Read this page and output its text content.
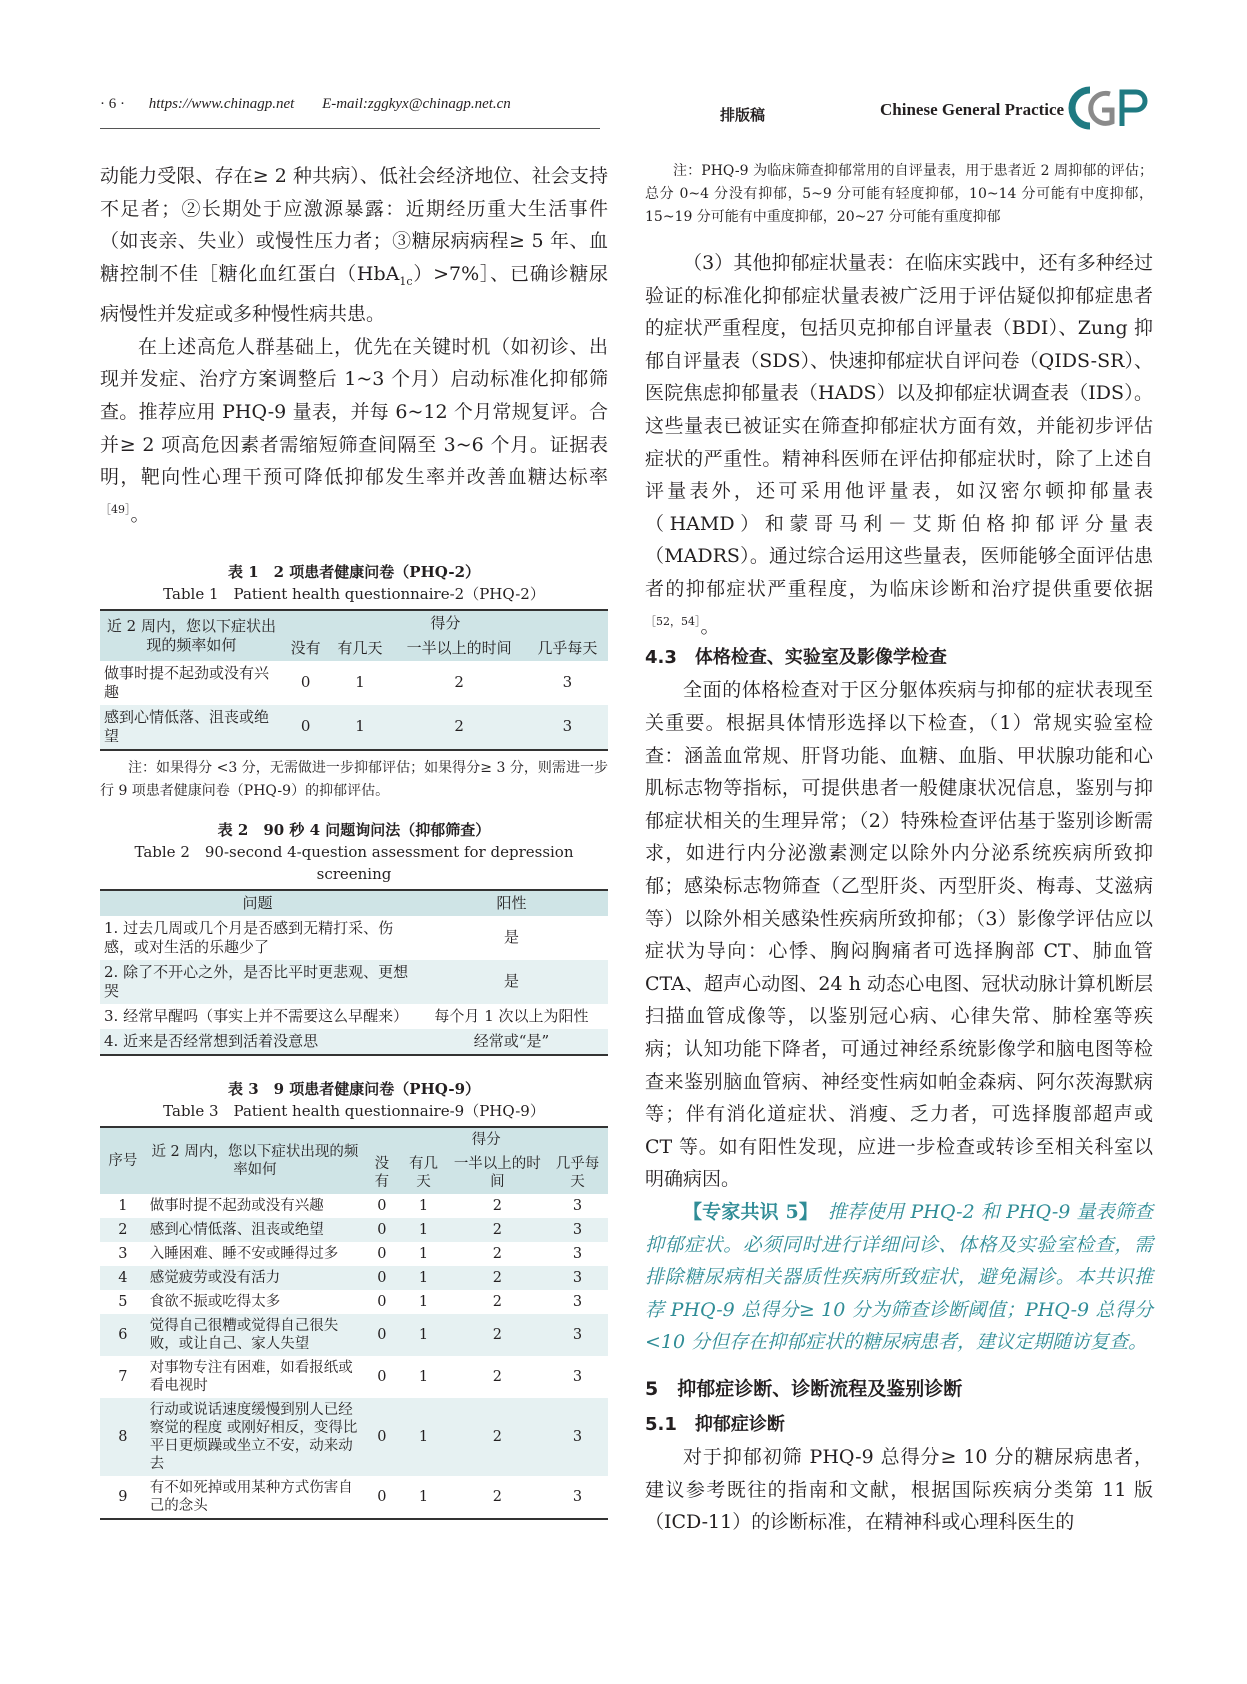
· 6 · https://www.chinagp.net E-mail:zggkyx@chinagp.net.cn
排版稿	Chinese General Practice

动能力受限、存在≥ 2 种共病）、低社会经济地位、社会支持不足者；②长期处于应激源暴露：近期经历重大生活事件（如丧亲、失业）或慢性压力者；③糖尿病病程≥ 5 年、血糖控制不佳［糖化血红蛋白（HbA$_{1c}$）>7%］、已确诊糖尿病慢性并发症或多种慢性病共患。

在上述高危人群基础上，优先在关键时机（如初诊、出现并发症、治疗方案调整后 1~3 个月）启动标准化抑郁筛查。推荐应用 PHQ-9 量表，并每 6~12 个月常规复评。合并≥ 2 项高危因素者需缩短筛查间隔至 3~6 个月。证据表明，靶向性心理干预可降低抑郁发生率并改善血糖达标率$^{[49]}$。

表 1　2 项患者健康问卷（PHQ-2）
Table 1　Patient health questionnaire-2（PHQ-2）
近 2 周内，您以下症状出现的频率如何	得分			
	没有	有几天	一半以上的时间	几乎每天
做事时提不起劲或没有兴趣	0	1	2	3
感到心情低落、沮丧或绝望	0	1	2	3
注：如果得分 <3 分，无需做进一步抑郁评估；如果得分≥ 3 分，则需进一步行 9 项患者健康问卷（PHQ-9）的抑郁评估。
表 2　90 秒 4 问题询问法（抑郁筛查）
Table 2　90-second 4-question assessment for depression screening
问题	阳性
1. 过去几周或几个月是否感到无精打采、伤感，或对生活的乐趣少了	是
2. 除了不开心之外，是否比平时更悲观、更想哭	是
3. 经常早醒吗（事实上并不需要这么早醒来）	每个月 1 次以上为阳性
4. 近来是否经常想到活着没意思	经常或“是”
表 3　9 项患者健康问卷（PHQ-9）
Table 3　Patient health questionnaire-9（PHQ-9）
序号	近 2 周内，您以下症状出现的频率如何	得分			
		没有	有几天	一半以上的时间	几乎每天
1	做事时提不起劲或没有兴趣	0	1	2	3
2	感到心情低落、沮丧或绝望	0	1	2	3
3	入睡困难、睡不安或睡得过多	0	1	2	3
4	感觉疲劳或没有活力	0	1	2	3
5	食欲不振或吃得太多	0	1	2	3
6	觉得自己很糟或觉得自己很失败，或让自己、家人失望	0	1	2	3
7	对事物专注有困难，如看报纸或看电视时	0	1	2	3
8	行动或说话速度缓慢到别人已经察觉的程度 或刚好相反，变得比平日更烦躁或坐立不安，动来动去	0	1	2	3
9	有不如死掉或用某种方式伤害自己的念头	0	1	2	3
注：PHQ-9 为临床筛查抑郁常用的自评量表，用于患者近 2 周抑郁的评估；总分 0~4 分没有抑郁，5~9 分可能有轻度抑郁，10~14 分可能有中度抑郁，15~19 分可能有中重度抑郁，20~27 分可能有重度抑郁

（3）其他抑郁症状量表：在临床实践中，还有多种经过验证的标准化抑郁症状量表被广泛用于评估疑似抑郁症患者的症状严重程度，包括贝克抑郁自评量表（BDI）、Zung 抑郁自评量表（SDS）、快速抑郁症状自评问卷（QIDS-SR）、医院焦虑抑郁量表（HADS）以及抑郁症状调查表（IDS）。这些量表已被证实在筛查抑郁症状方面有效，并能初步评估症状的严重性。精神科医师在评估抑郁症状时，除了上述自评量表外，还可采用他评量表，如汉密尔顿抑郁量表（HAMD）和蒙哥马利－艾斯伯格抑郁评分量表（MADRS）。通过综合运用这些量表，医师能够全面评估患者的抑郁症状严重程度，为临床诊断和治疗提供重要依据$^{[52,54]}$。

4.3　体格检查、实验室及影像学检查

全面的体格检查对于区分躯体疾病与抑郁的症状表现至关重要。根据具体情形选择以下检查，（1）常规实验室检查：涵盖血常规、肝肾功能、血糖、血脂、甲状腺功能和心肌标志物等指标，可提供患者一般健康状况信息，鉴别与抑郁症状相关的生理异常；（2）特殊检查评估基于鉴别诊断需求，如进行内分泌激素测定以除外内分泌系统疾病所致抑郁；感染标志物筛查（乙型肝炎、丙型肝炎、梅毒、艾滋病等）以除外相关感染性疾病所致抑郁；（3）影像学评估应以症状为导向：心悸、胸闷胸痛者可选择胸部 CT、肺血管 CTA、超声心动图、24 h 动态心电图、冠状动脉计算机断层扫描血管成像等，以鉴别冠心病、心律失常、肺栓塞等疾病；认知功能下降者，可通过神经系统影像学和脑电图等检查来鉴别脑血管病、神经变性病如帕金森病、阿尔茨海默病等；伴有消化道症状、消瘦、乏力者，可选择腹部超声或 CT 等。如有阳性发现，应进一步检查或转诊至相关科室以明确病因。

【专家共识 5】　 推荐使用 PHQ-2 和 PHQ-9 量表筛查抑郁症状。必须同时进行详细问诊、体格及实验室检查，需排除糖尿病相关器质性疾病所致症状，避免漏诊。本共识推荐 PHQ-9 总得分≥ 10 分为筛查诊断阈值；PHQ-9 总得分 <10 分但存在抑郁症状的糖尿病患者，建议定期随访复查。

5　抑郁症诊断、诊断流程及鉴别诊断
5.1　抑郁症诊断

对于抑郁初筛 PHQ-9 总得分≥ 10 分的糖尿病患者，建议参考既往的指南和文献，根据国际疾病分类第 11 版（ICD-11）的诊断标准，在精神科或心理科医生的
